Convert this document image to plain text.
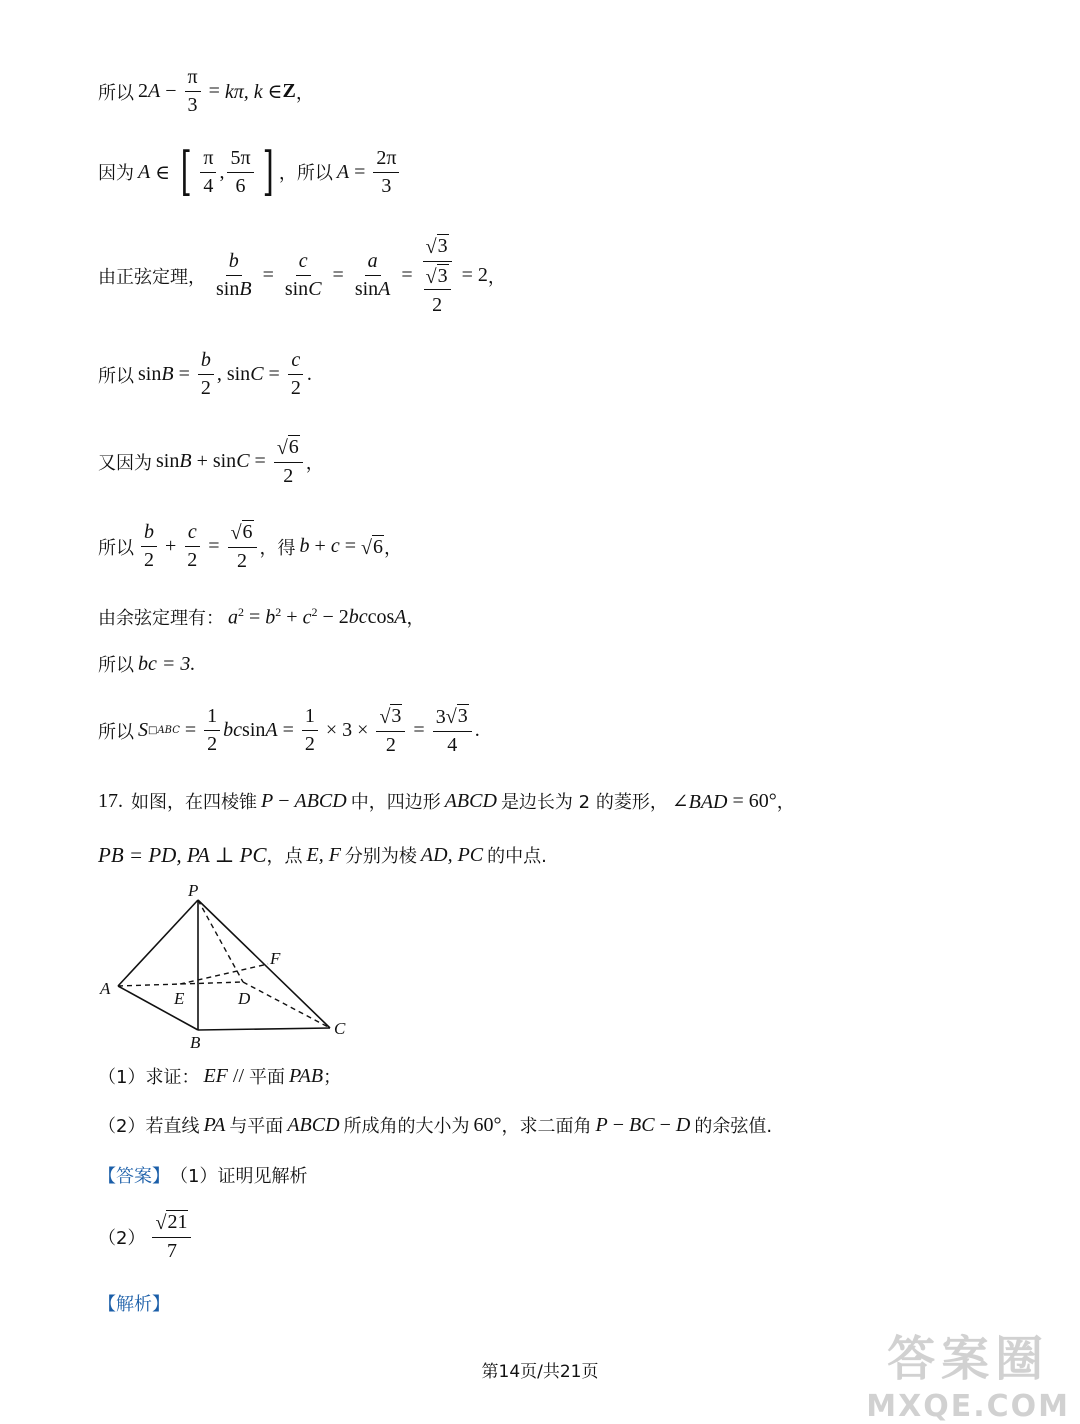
所以 $2A - \frac{\pi}{3} = k\pi$, k ∈ Z ，
因为 A ∈ [ $\frac{\pi}{4}$ , $\frac{5\pi}{6}$ ] ，所以 $A = \frac{2\pi}{3}$
由正弦定理， $\frac{b}{\sin B} = \frac{c}{\sin C} = \frac{a}{\sin A}$ = √ 3
√ 3
2 = 2 ，
所以 $\sin B = \frac{b}{2}$ , $\sin C = \frac{c}{2}$ .
又因为 $\sin B + \sin C = \frac{√ 6}{2}$ ，
所以 $\frac{b}{2} + \frac{c}{2} = \frac{√ 6}{2}$ ，得 b + c = √ 6 ，
由余弦定理有： $a^2 = b^2 + c^2 - 2bccosA$ ，
所以 bc = 3.
所以 S □ABC = $\frac{1}{2}$ $bcsinA = \frac{1}{2} \times 3 \times \frac{√ 3}{2} = \frac{3 √ 3}{4}$ .
17. 如图，在四棱锥 P − ABCD 中，四边形 ABCD 是边长为 2 的菱形， ∠BAD = 60° ，
PB = PD, PA ⊥ PC ，点 E, F 分别为棱 AD, PC 的中点.
P
A
B
C
D
E
F
（1）求证： EF // 平面 PAB ；
（2）若直线 PA 与平面 ABCD 所成角的大小为 60° ，求二面角 P − BC − D 的余弦值.
【答案】 （1）证明见解析
$(2) \frac{√ 21}{7}$
【解析】
第14页/共21页	答案圈
MXQE.COM
